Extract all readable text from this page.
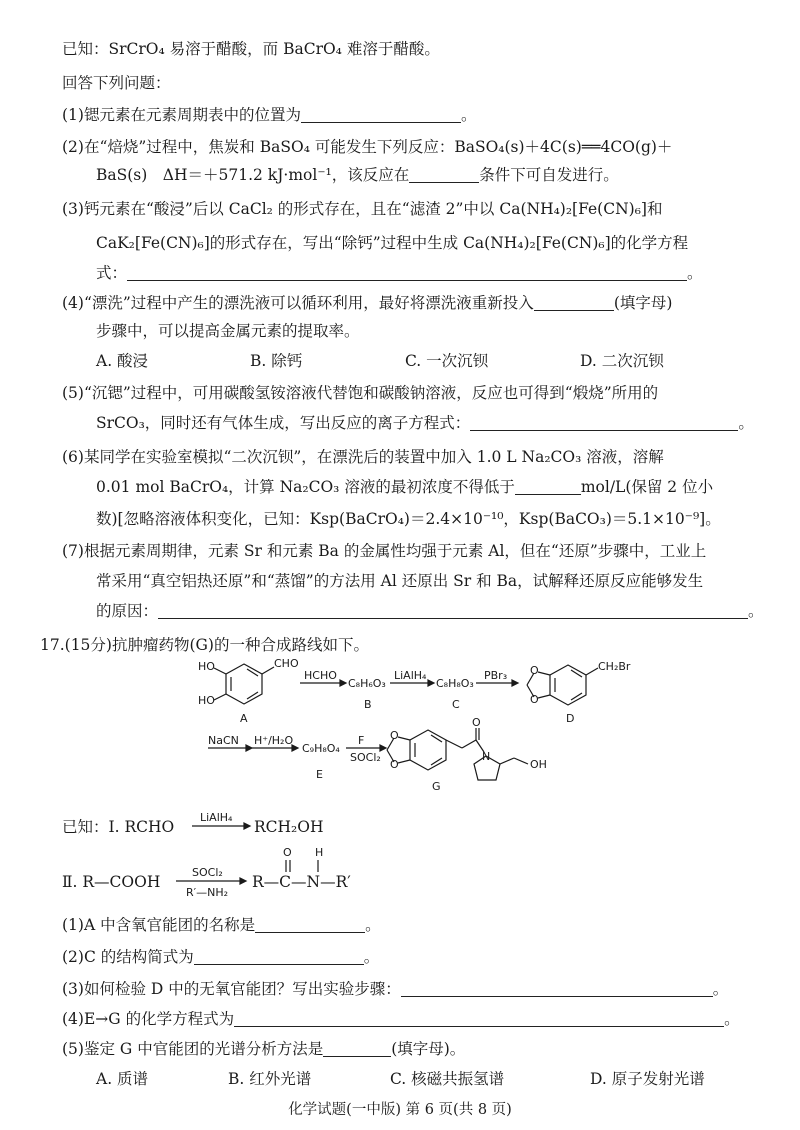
已知：SrCrO₄ 易溶于醋酸，而 BaCrO₄ 难溶于醋酸。
回答下列问题：
(1)锶元素在元素周期表中的位置为	。
(2)在“焙烧”过程中，焦炭和 BaSO₄ 可能发生下列反应：BaSO₄(s)＋4C(s)══4CO(g)＋
BaS(s)　ΔH＝＋571.2 kJ·mol⁻¹，该反应在	条件下可自发进行。
(3)钙元素在“酸浸”后以 CaCl₂ 的形式存在，且在“滤渣 2”中以 Ca(NH₄)₂[Fe(CN)₆]和
CaK₂[Fe(CN)₆]的形式存在，写出“除钙”过程中生成 Ca(NH₄)₂[Fe(CN)₆]的化学方程
式：	。
(4)“漂洗”过程中产生的漂洗液可以循环利用，最好将漂洗液重新投入	(填字母)
步骤中，可以提高金属元素的提取率。
A. 酸浸	B. 除钙	C. 一次沉钡	D. 二次沉钡
(5)“沉锶”过程中，可用碳酸氢铵溶液代替饱和碳酸钠溶液，反应也可得到“煅烧”所用的
SrCO₃，同时还有气体生成，写出反应的离子方程式：	。
(6)某同学在实验室模拟“二次沉钡”，在漂洗后的装置中加入 1.0 L Na₂CO₃ 溶液，溶解
0.01 mol BaCrO₄，计算 Na₂CO₃ 溶液的最初浓度不得低于	mol/L(保留 2 位小
数)[忽略溶液体积变化，已知：Ksp(BaCrO₄)＝2.4×10⁻¹⁰，Ksp(BaCO₃)＝5.1×10⁻⁹]。
(7)根据元素周期律，元素 Sr 和元素 Ba 的金属性均强于元素 Al，但在“还原”步骤中，工业上
常采用“真空铝热还原”和“蒸馏”的方法用 Al 还原出 Sr 和 Ba，试解释还原反应能够发生
的原因：	。
17.(15分)抗肿瘤药物(G)的一种合成路线如下。
HO
HO
CHO
A
HCHO
C₈H₆O₃
B
LiAlH₄
C₈H₈O₃
C
PBr₃ O
O
CH₂Br
D
NaCN H⁺/H₂O
C₉H₈O₄
E
F
SOCl₂
O
O
O
N
OH
G
已知：Ⅰ. RCHO
LiAlH₄
RCH₂OH
O H
Ⅱ. R—COOH
SOCl₂
R′—NH₂
R—C—N—R′
(1)A 中含氧官能团的名称是	。
(2)C 的结构简式为	。
(3)如何检验 D 中的无氧官能团？写出实验步骤：	。
(4)E→G 的化学方程式为	。
(5)鉴定 G 中官能团的光谱分析方法是	(填字母)。
A. 质谱	B. 红外光谱	C. 核磁共振氢谱	D. 原子发射光谱
化学试题(一中版) 第 6 页(共 8 页)
